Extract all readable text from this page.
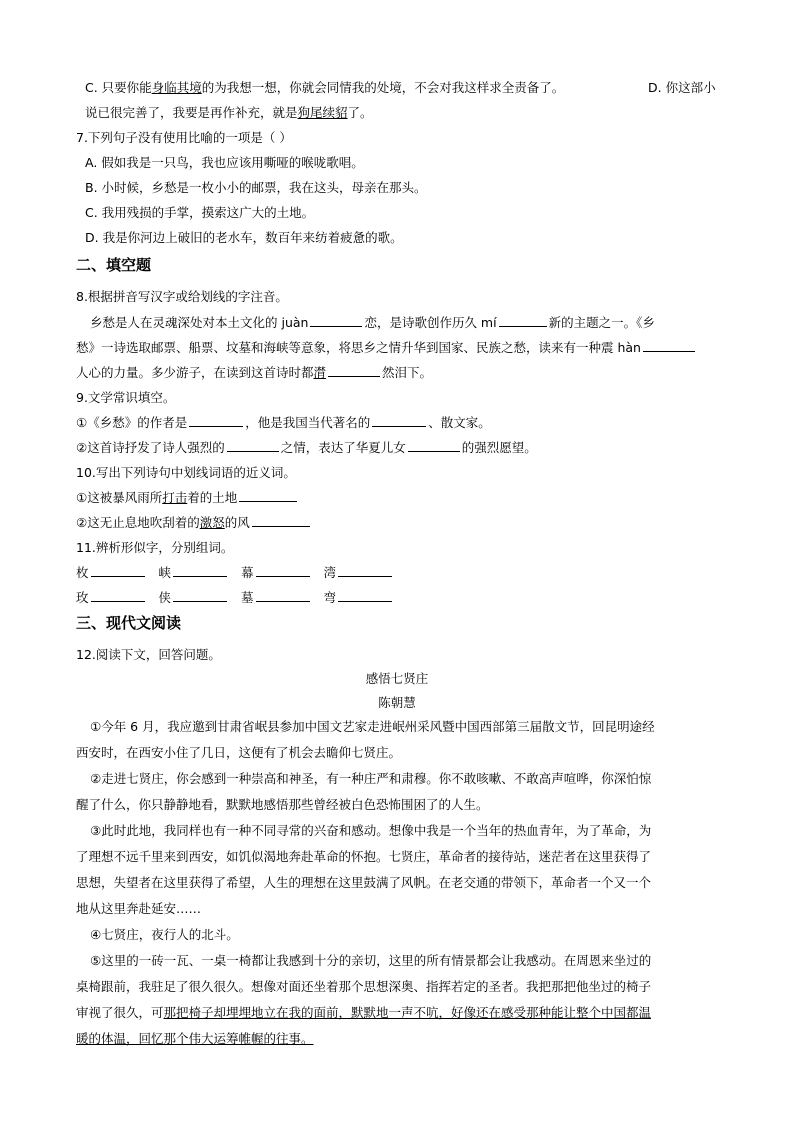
C. 只要你能身临其境的为我想一想，你就会同情我的处境，不会对我这样求全责备了。	D. 你这部小
说已很完善了，我要是再作补充，就是狗尾续貂了。
7.下列句子没有使用比喻的一项是（ ）
A. 假如我是一只鸟，我也应该用嘶哑的喉咙歌唱。
B. 小时候，乡愁是一枚小小的邮票，我在这头，母亲在那头。
C. 我用残损的手掌，摸索这广大的土地。
D. 我是你河边上破旧的老水车，数百年来纺着疲惫的歌。
二、填空题
8.根据拼音写汉字或给划线的字注音。
乡愁是人在灵魂深处对本土文化的 juàn	恋，是诗歌创作历久 mí	新的主题之一。《乡
愁》一诗选取邮票、船票、坟墓和海峡等意象，将思乡之情升华到国家、民族之愁，读来有一种震 hàn
人心的力量。多少游子，在读到这首诗时都潸	然泪下。
9.文学常识填空。
①《乡愁》的作者是	，他是我国当代著名的	、散文家。
②这首诗抒发了诗人强烈的	之情，表达了华夏儿女	的强烈愿望。
10.写出下列诗句中划线词语的近义词。
①这被暴风雨所打击着的土地
②这无止息地吹刮着的激怒的风
11.辨析形似字，分别组词。
枚	峡	幕	湾
玫	侠	墓	弯
三、现代文阅读
12.阅读下文，回答问题。
感悟七贤庄
陈朝慧
①今年 6 月，我应邀到甘肃省岷县参加中国文艺家走进岷州采风暨中国西部第三届散文节，回昆明途经
西安时，在西安小住了几日，这便有了机会去瞻仰七贤庄。
②走进七贤庄，你会感到一种崇高和神圣，有一种庄严和肃穆。你不敢咳嗽、不敢高声喧哗，你深怕惊
醒了什么，你只静静地看，默默地感悟那些曾经被白色恐怖围困了的人生。
③此时此地，我同样也有一种不同寻常的兴奋和感动。想像中我是一个当年的热血青年，为了革命，为
了理想不远千里来到西安，如饥似渴地奔赴革命的怀抱。七贤庄，革命者的接待站，迷茫者在这里获得了
思想，失望者在这里获得了希望，人生的理想在这里鼓满了风帆。在老交通的带领下，革命者一个又一个
地从这里奔赴延安……
④七贤庄，夜行人的北斗。
⑤这里的一砖一瓦、一桌一椅都让我感到十分的亲切，这里的所有情景都会让我感动。在周恩来坐过的
桌椅跟前，我驻足了很久很久。想像对面还坐着那个思想深奥、指挥若定的圣者。我把那把他坐过的椅子
审视了很久，可那把椅子却埋埋地立在我的面前，默默地一声不吭，好像还在感受那种能让整个中国都温
暖的体温，回忆那个伟大运筹帷幄的往事。
